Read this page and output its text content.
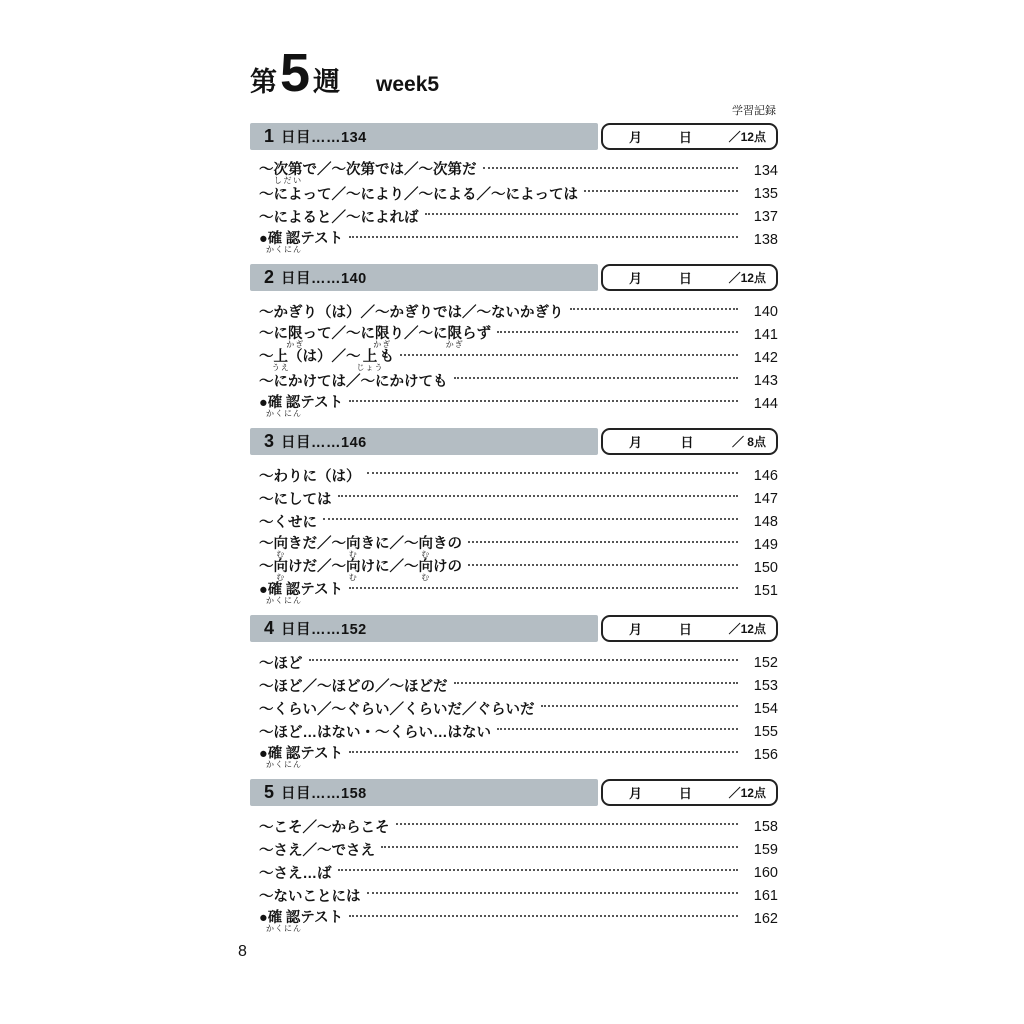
第 5 週 week5
学習記録
1 日目……134	月	日	／12点
～次第しだいで／～次第では／～次第だ	134
～によって／～により／～による／～によっては	135
～によると／～によれば	137
●確認かくにんテスト	138
2 日目……140	月	日	／12点
～かぎり（は）／～かぎりでは／～ないかぎり	140
～に限かぎって／～に限かぎり／～に限かぎらず	141
～上うえ（は）／～上じょうも	142
～にかけては／～にかけても	143
●確認かくにんテスト	144
3 日目……146	月	日	／ 8点
～わりに（は）	146
～にしては	147
～くせに	148
～向むきだ／～向むきに／～向むきの	149
～向むけだ／～向むけに／～向むけの	150
●確認かくにんテスト	151
4 日目……152	月	日	／12点
～ほど	152
～ほど／～ほどの／～ほどだ	153
～くらい／～ぐらい／くらいだ／ぐらいだ	154
～ほど…はない・～くらい…はない	155
●確認かくにんテスト	156
5 日目……158	月	日	／12点
～こそ／～からこそ	158
～さえ／～でさえ	159
～さえ…ば	160
～ないことには	161
●確認かくにんテスト	162
8
